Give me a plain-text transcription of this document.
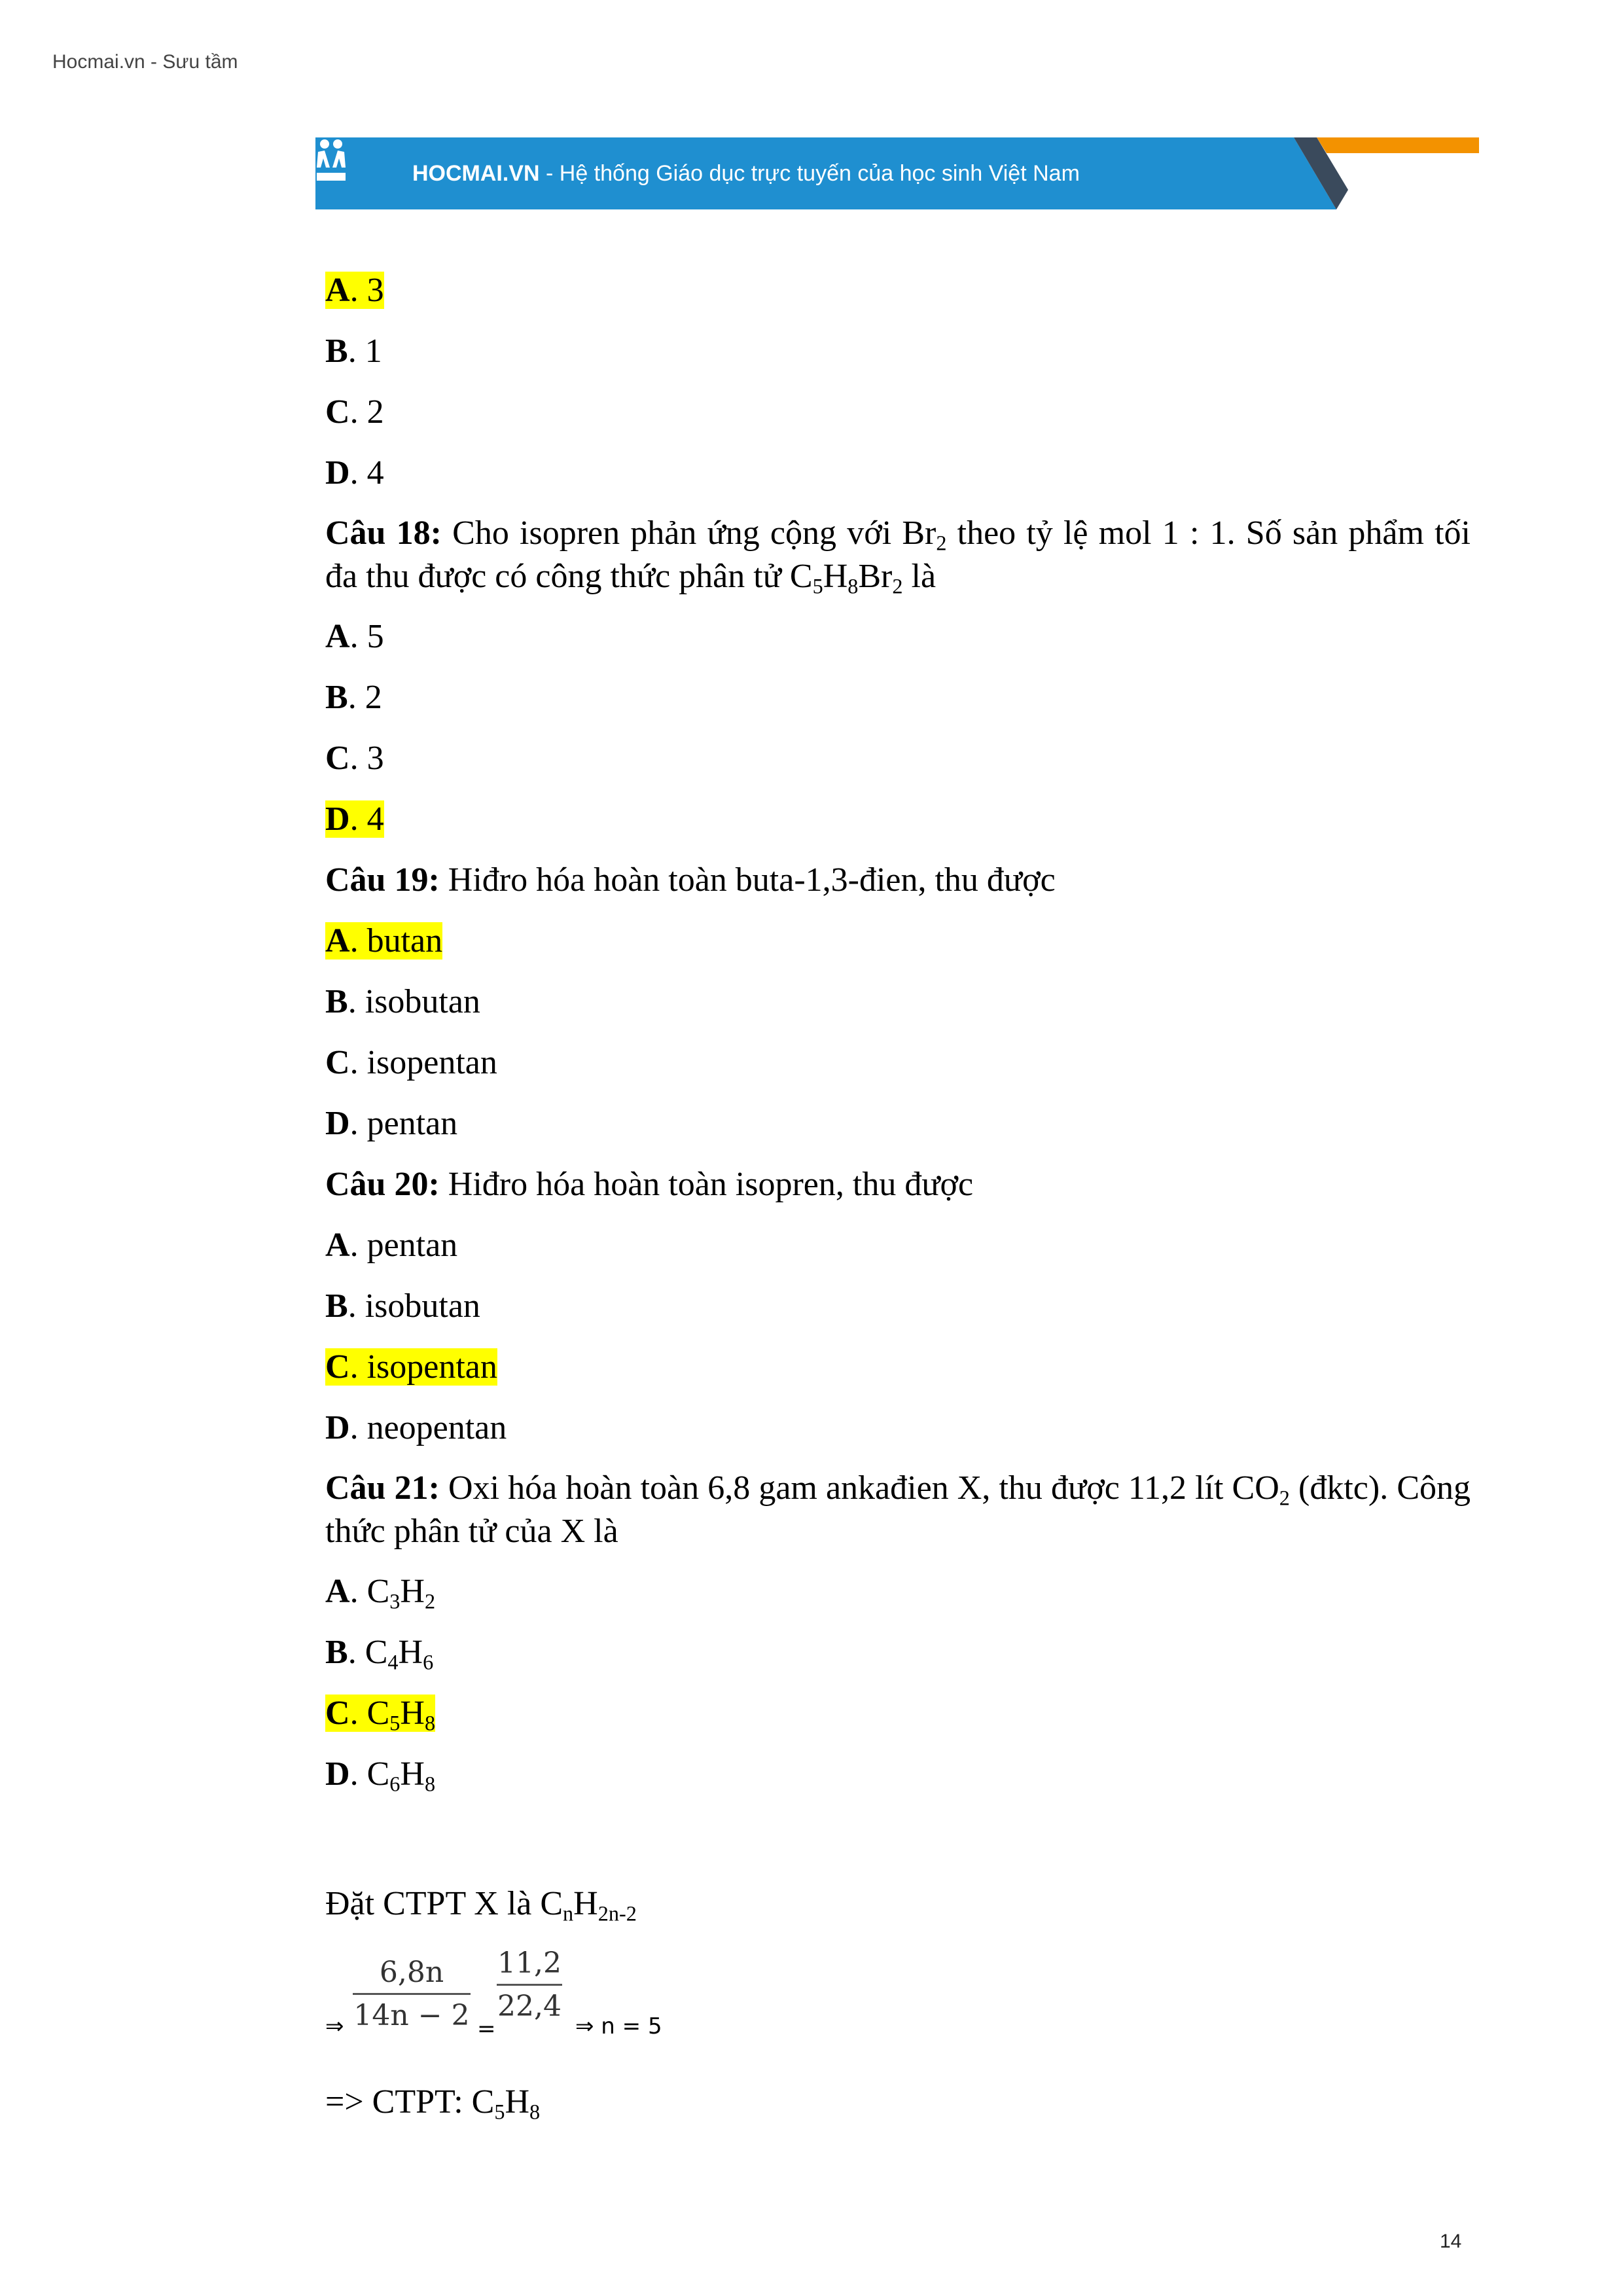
Hocmai.vn - Sưu tầm
HOCMAI.VN - Hệ thống Giáo dục trực tuyến của học sinh Việt Nam
A. 3
B. 1
C. 2
D. 4
Câu 18: Cho isopren phản ứng cộng với $Br_2$ theo tỷ lệ mol 1 : 1. Số sản phẩm tối đa thu được có công thức phân tử $C_5H_8Br_2$ là
A. 5
B. 2
C. 3
D. 4
Câu 19: Hiđro hóa hoàn toàn buta-1,3-đien, thu được
A. butan
B. isobutan
C. isopentan
D. pentan
Câu 20: Hiđro hóa hoàn toàn isopren, thu được
A. pentan
B. isobutan
C. isopentan
D. neopentan
Câu 21: Oxi hóa hoàn toàn 6,8 gam ankađien X, thu được 11,2 lít $CO_2$ (đktc). Công thức phân tử của X là
A. $C_3H_2$
B. $C_4H_6$
C. $C_5H_8$
D. $C_6H_8$
Đặt CTPT X là $C_nH_{2n-2}$
⇒
6,8n
14n − 2 =
11,2
22,4
⇒ n = 5
=> CTPT: $C_5H_8$
14
